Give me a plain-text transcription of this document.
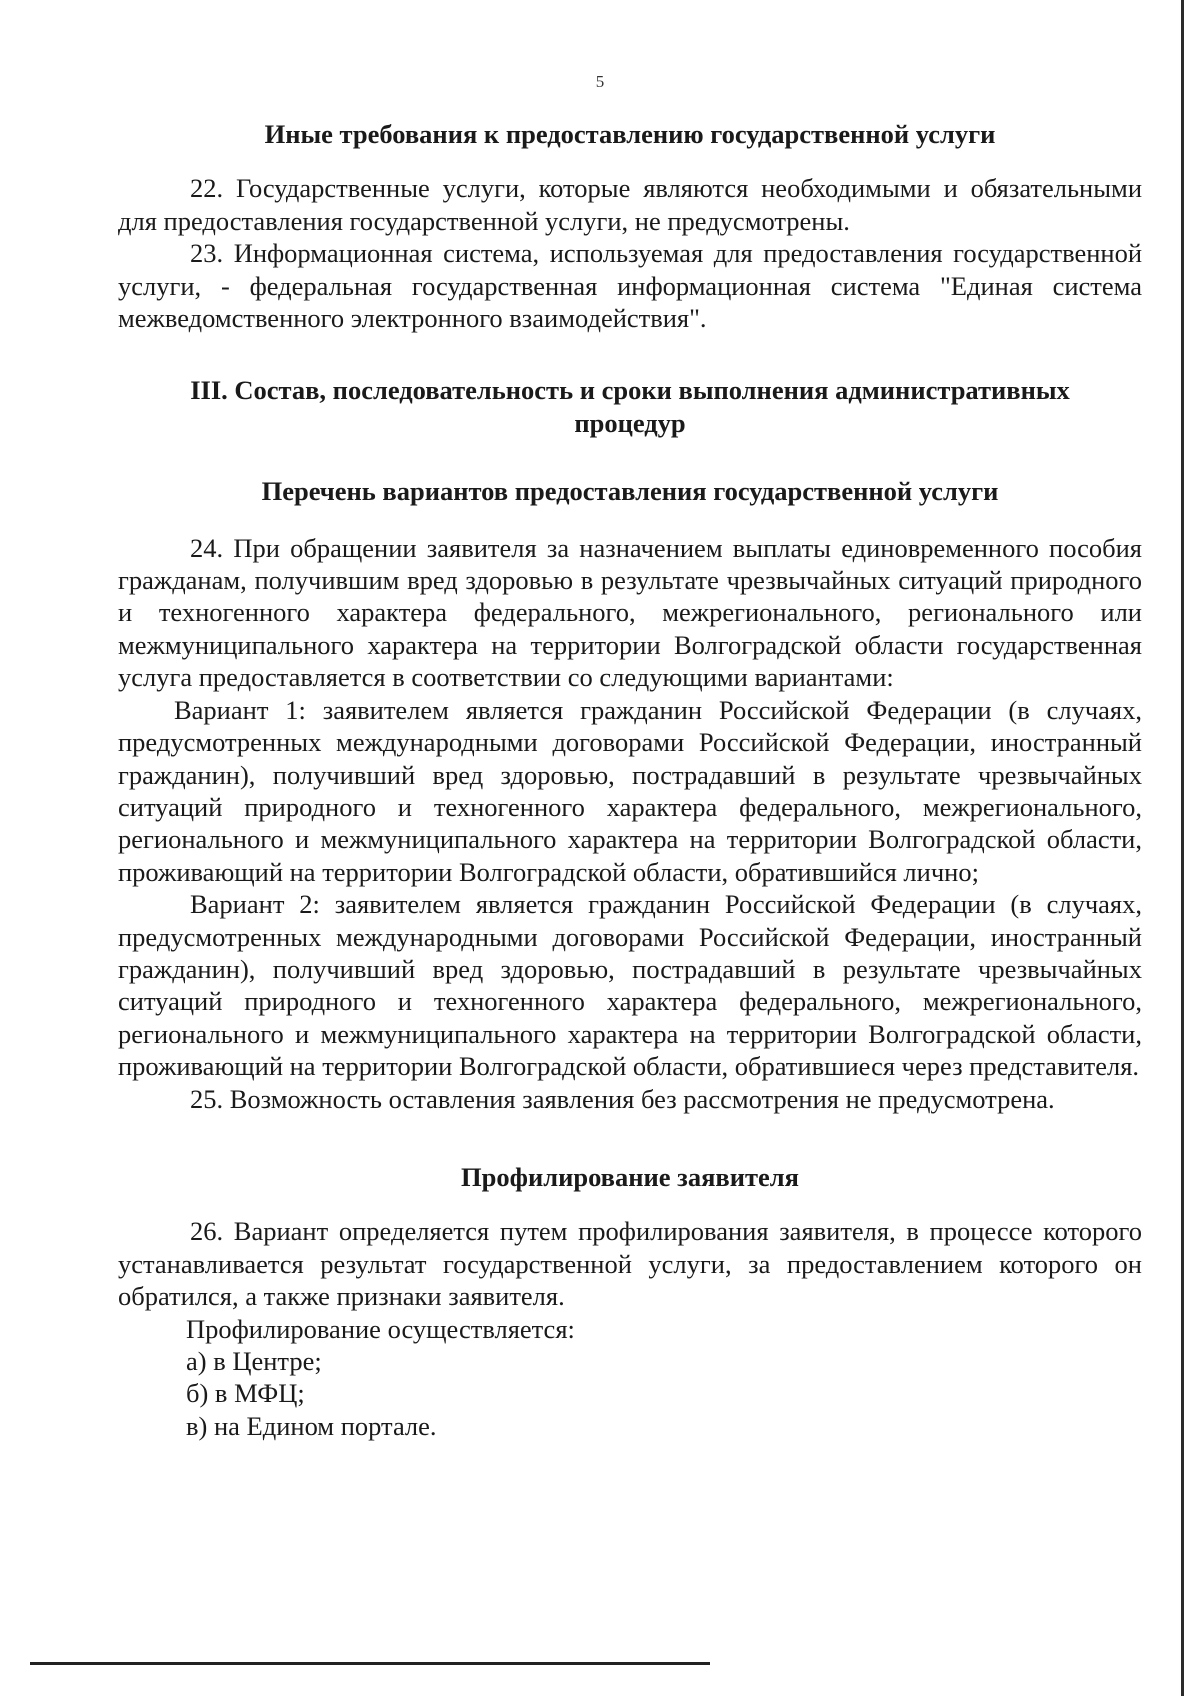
5

Иные требования к предоставлению государственной услуги

22. Государственные услуги, которые являются необходимыми и обязательными для предоставления государственной услуги, не предусмотрены.

23. Информационная система, используемая для предоставления государственной услуги, - федеральная государственная информационная система "Единая система межведомственного электронного взаимодействия".

III. Состав, последовательность и сроки выполнения административных процедур

Перечень вариантов предоставления государственной услуги

24. При обращении заявителя за назначением выплаты единовременного пособия гражданам, получившим вред здоровью в результате чрезвычайных ситуаций природного и техногенного характера федерального, межрегионального, регионального или межмуниципального характера на территории Волгоградской области государственная услуга предоставляется в соответствии со следующими вариантами:

Вариант 1: заявителем является гражданин Российской Федерации (в случаях, предусмотренных международными договорами Российской Федерации, иностранный гражданин), получивший вред здоровью, пострадавший в результате чрезвычайных ситуаций природного и техногенного характера федерального, межрегионального, регионального и межмуниципального характера на территории Волгоградской области, проживающий на территории Волгоградской области, обратившийся лично;

Вариант 2: заявителем является гражданин Российской Федерации (в случаях, предусмотренных международными договорами Российской Федерации, иностранный гражданин), получивший вред здоровью, пострадавший в результате чрезвычайных ситуаций природного и техногенного характера федерального, межрегионального, регионального и межмуниципального характера на территории Волгоградской области, проживающий на территории Волгоградской области, обратившиеся через представителя.

25. Возможность оставления заявления без рассмотрения не предусмотрена.

Профилирование заявителя

26. Вариант определяется путем профилирования заявителя, в процессе которого устанавливается результат государственной услуги, за предоставлением которого он обратился, а также признаки заявителя.

Профилирование осуществляется:

а) в Центре;

б) в МФЦ;

в) на Едином портале.
